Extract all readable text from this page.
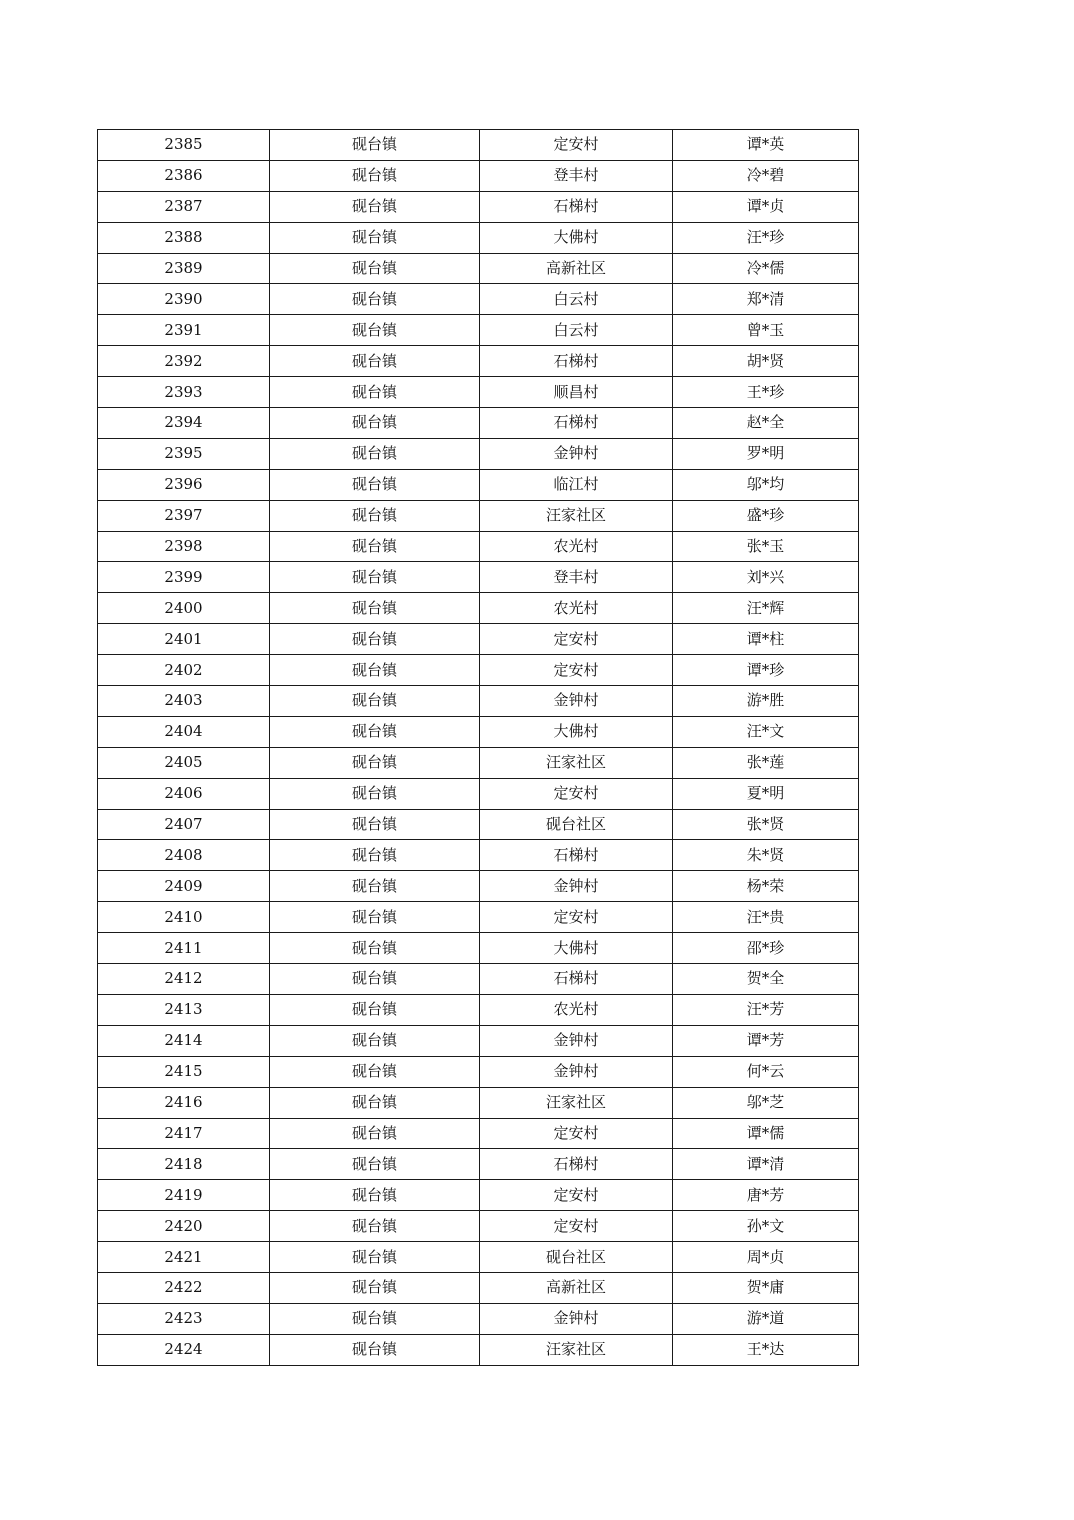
2385	砚台镇	定安村	谭*英
2386	砚台镇	登丰村	冷*碧
2387	砚台镇	石梯村	谭*贞
2388	砚台镇	大佛村	汪*珍
2389	砚台镇	高新社区	冷*儒
2390	砚台镇	白云村	郑*清
2391	砚台镇	白云村	曾*玉
2392	砚台镇	石梯村	胡*贤
2393	砚台镇	顺昌村	王*珍
2394	砚台镇	石梯村	赵*全
2395	砚台镇	金钟村	罗*明
2396	砚台镇	临江村	邬*均
2397	砚台镇	汪家社区	盛*珍
2398	砚台镇	农光村	张*玉
2399	砚台镇	登丰村	刘*兴
2400	砚台镇	农光村	汪*辉
2401	砚台镇	定安村	谭*柱
2402	砚台镇	定安村	谭*珍
2403	砚台镇	金钟村	游*胜
2404	砚台镇	大佛村	汪*文
2405	砚台镇	汪家社区	张*莲
2406	砚台镇	定安村	夏*明
2407	砚台镇	砚台社区	张*贤
2408	砚台镇	石梯村	朱*贤
2409	砚台镇	金钟村	杨*荣
2410	砚台镇	定安村	汪*贵
2411	砚台镇	大佛村	邵*珍
2412	砚台镇	石梯村	贺*全
2413	砚台镇	农光村	汪*芳
2414	砚台镇	金钟村	谭*芳
2415	砚台镇	金钟村	何*云
2416	砚台镇	汪家社区	邬*芝
2417	砚台镇	定安村	谭*儒
2418	砚台镇	石梯村	谭*清
2419	砚台镇	定安村	唐*芳
2420	砚台镇	定安村	孙*文
2421	砚台镇	砚台社区	周*贞
2422	砚台镇	高新社区	贺*庸
2423	砚台镇	金钟村	游*道
2424	砚台镇	汪家社区	王*达
